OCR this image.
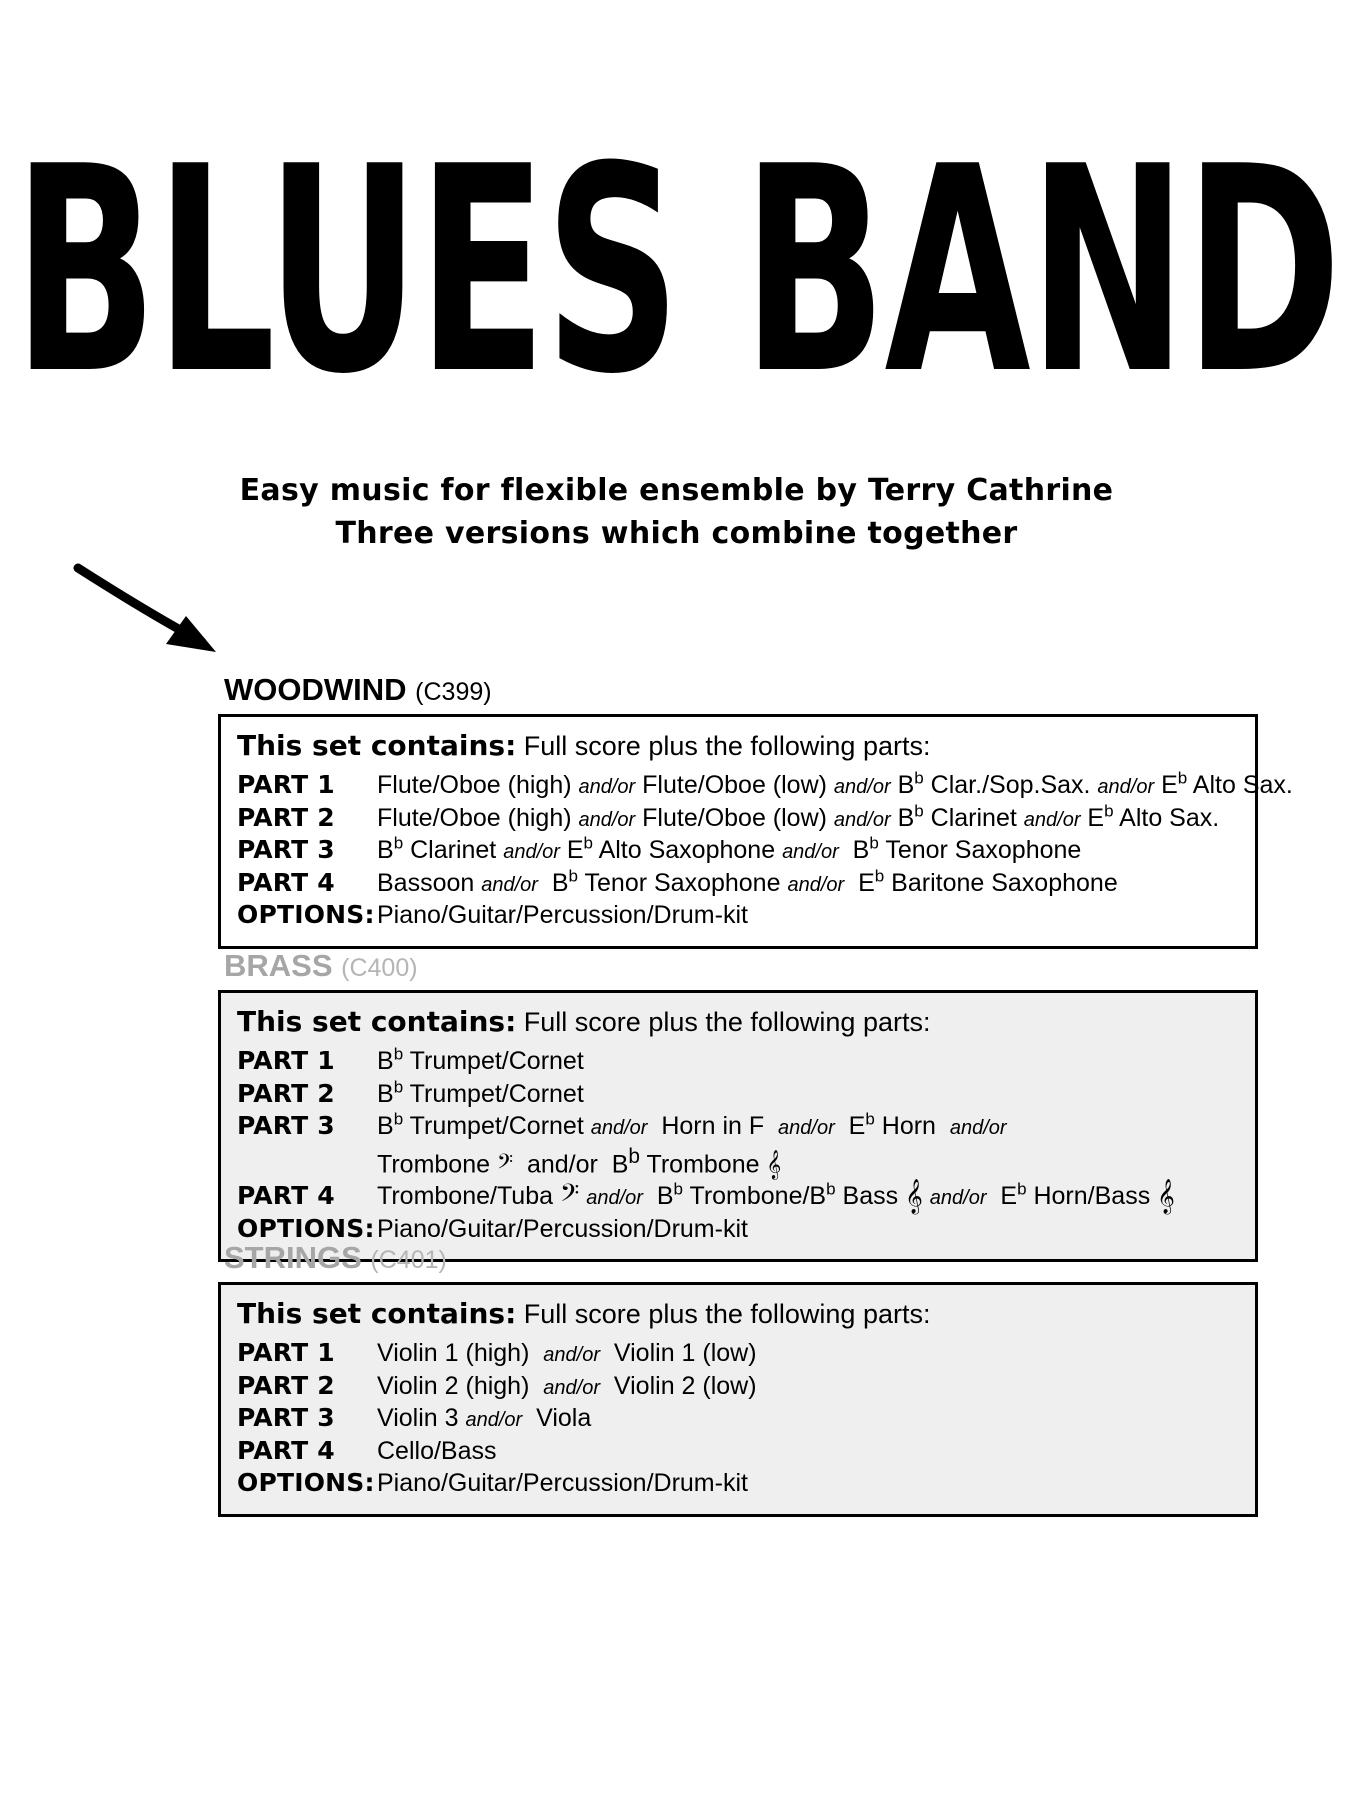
BLUES BAND
Easy music for flexible ensemble by Terry Cathrine
Three versions which combine together
WOODWIND (C399)
This set contains: Full score plus the following parts:
PART 1	Flute/Oboe (high) and/or Flute/Oboe (low) and/or $B^b$ Clar./Sop.Sax. and/or $E^b$ Alto Sax.
PART 2	Flute/Oboe (high) and/or Flute/Oboe (low) and/or $B^b$ Clarinet and/or $E^b$ Alto Sax.
PART 3	$B^b$ Clarinet and/or $E^b$ Alto Saxophone and/or  $B^b$ Tenor Saxophone
PART 4	Bassoon and/or  $B^b$ Tenor Saxophone and/or  $E^b$ Baritone Saxophone
OPTIONS: Piano/Guitar/Percussion/Drum-kit
BRASS (C400)
This set contains: Full score plus the following parts:
PART 1	$B^b$ Trumpet/Cornet
PART 2	$B^b$ Trumpet/Cornet
PART 3	$B^b$ Trumpet/Cornet and/or  Horn in F  and/or  $E^b$ Horn  and/or
Trombone 𝄢 and/or  $B^b$ Trombone 𝄞
PART 4	Trombone/Tuba 𝄢 and/or  $B^b$ Trombone/$B^b$ Bass 𝄞 and/or  $E^b$ Horn/Bass 𝄞
OPTIONS: Piano/Guitar/Percussion/Drum-kit
STRINGS (C401)
This set contains: Full score plus the following parts:
PART 1	Violin 1 (high)  and/or  Violin 1 (low)
PART 2	Violin 2 (high)  and/or  Violin 2 (low)
PART 3	Violin 3 and/or  Viola
PART 4	Cello/Bass
OPTIONS: Piano/Guitar/Percussion/Drum-kit
